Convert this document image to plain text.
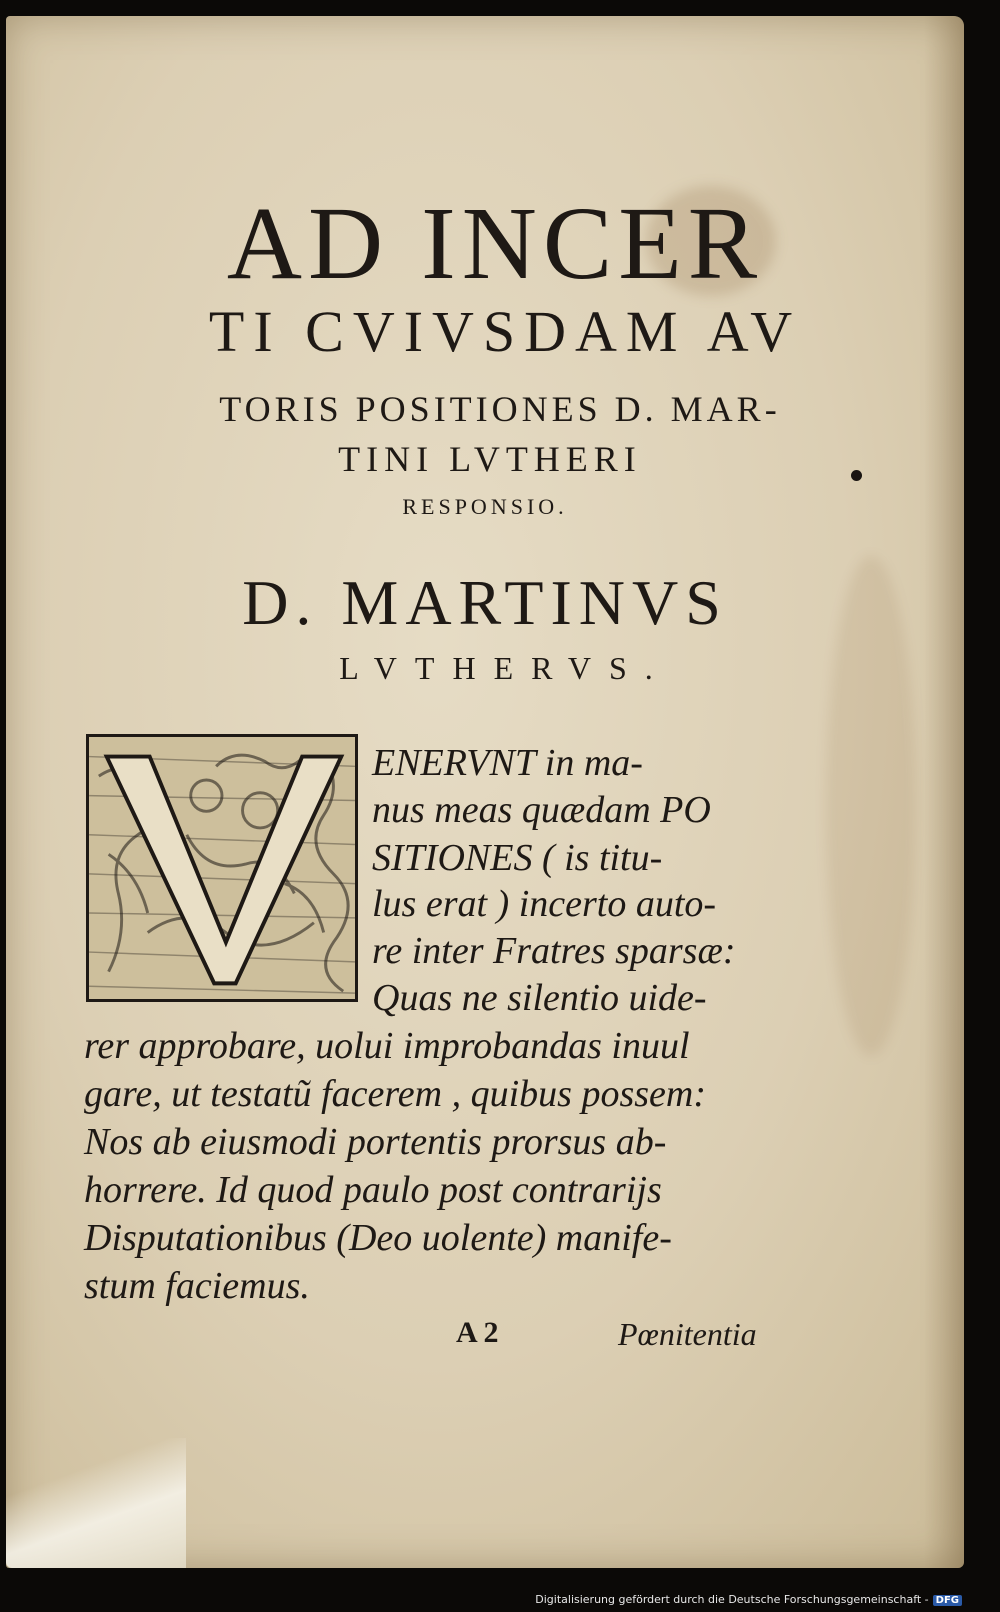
AD INCER
TI CVIVSDAM AV
TORIS POSITIONES D. MAR-
TINI LVTHERI
RESPONSIO.
D. MARTINVS
LVTHERVS.
ENERVNT in ma-
nus meas quædam PO
SITIONES ( is titu-
lus erat ) incerto auto-
re inter Fratres sparsæ:
Quas ne silentio uide-
rer approbare, uolui improbandas inuul
gare, ut testatũ facerem , quibus possem:
Nos ab eiusmodi portentis prorsus ab-
horrere. Id quod paulo post contrarijs
Disputationibus (Deo uolente) manife-
stum faciemus.
A 2	Pœnitentia
Digitalisierung gefördert durch die Deutsche Forschungsgemeinschaft - DFG
